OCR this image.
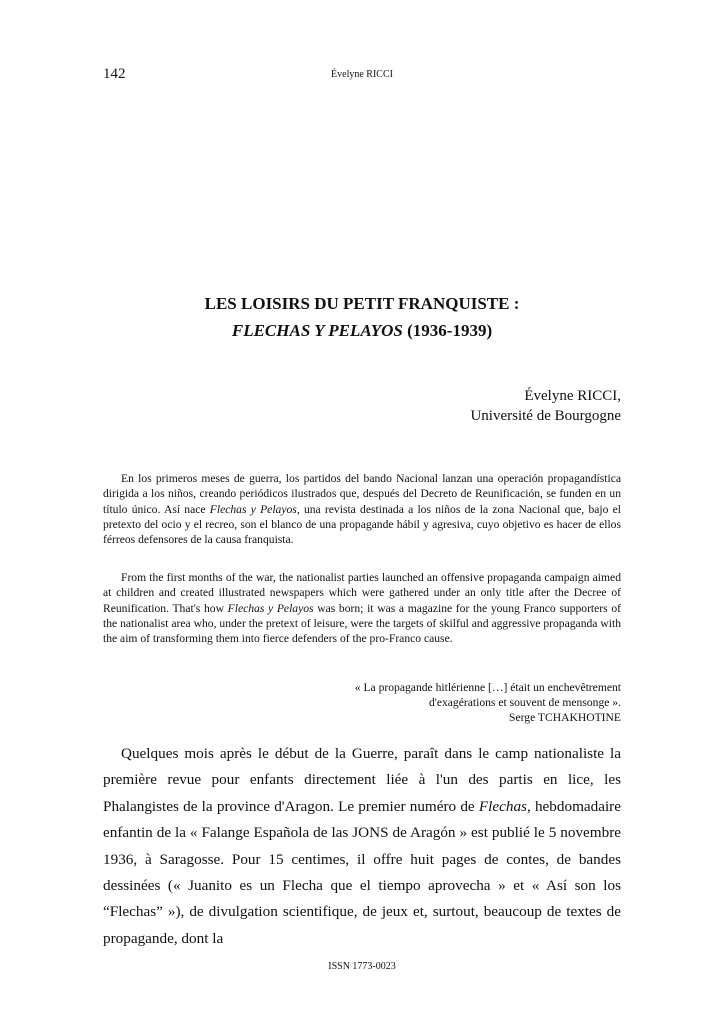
142	Évelyne RICCI
LES LOISIRS DU PETIT FRANQUISTE :
FLECHAS Y PELAYOS (1936-1939)
Évelyne RICCI,
Université de Bourgogne

En los primeros meses de guerra, los partidos del bando Nacional lanzan una operación propagandística dirigida a los niños, creando periódicos ilustrados que, después del Decreto de Reunificación, se funden en un título único. Así nace Flechas y Pelayos, una revista destinada a los niños de la zona Nacional que, bajo el pretexto del ocio y el recreo, son el blanco de una propagande hábil y agresiva, cuyo objetivo es hacer de ellos férreos defensores de la causa franquista.

From the first months of the war, the nationalist parties launched an offensive propaganda campaign aimed at children and created illustrated newspapers which were gathered under an only title after the Decree of Reunification. That's how Flechas y Pelayos was born; it was a magazine for the young Franco supporters of the nationalist area who, under the pretext of leisure, were the targets of skilful and aggressive propaganda with the aim of transforming them into fierce defenders of the pro-Franco cause.

« La propagande hitlérienne […] était un enchevêtrement
d'exagérations et souvent de mensonge ».
Serge TCHAKHOTINE

Quelques mois après le début de la Guerre, paraît dans le camp nationaliste la première revue pour enfants directement liée à l'un des partis en lice, les Phalangistes de la province d'Aragon. Le premier numéro de Flechas, hebdomadaire enfantin de la « Falange Española de las JONS de Aragón » est publié le 5 novembre 1936, à Saragosse. Pour 15 centimes, il offre huit pages de contes, de bandes dessinées (« Juanito es un Flecha que el tiempo aprovecha » et « Así son los “Flechas” »), de divulgation scientifique, de jeux et, surtout, beaucoup de textes de propagande, dont la

ISSN 1773-0023
